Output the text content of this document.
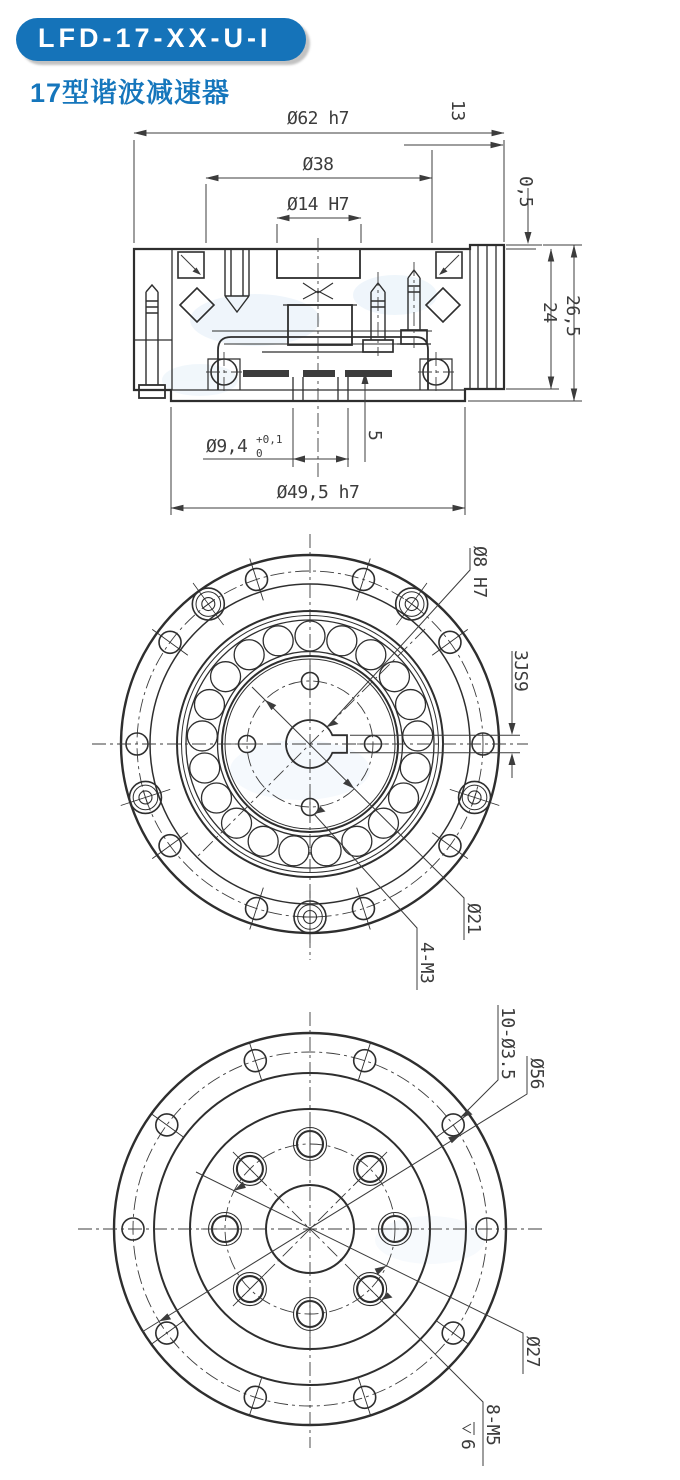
LFD-17-XX-U-I
17型谐波减速器
Ø62 h7	13
Ø38
Ø14 H7	0,5
24 26,5
Ø9,4 +0,1
0
5
Ø49,5 h7
Ø8 H7
3JS9
Ø21
4-M3
10-Ø3.5 Ø56
Ø27
8-M5
6
